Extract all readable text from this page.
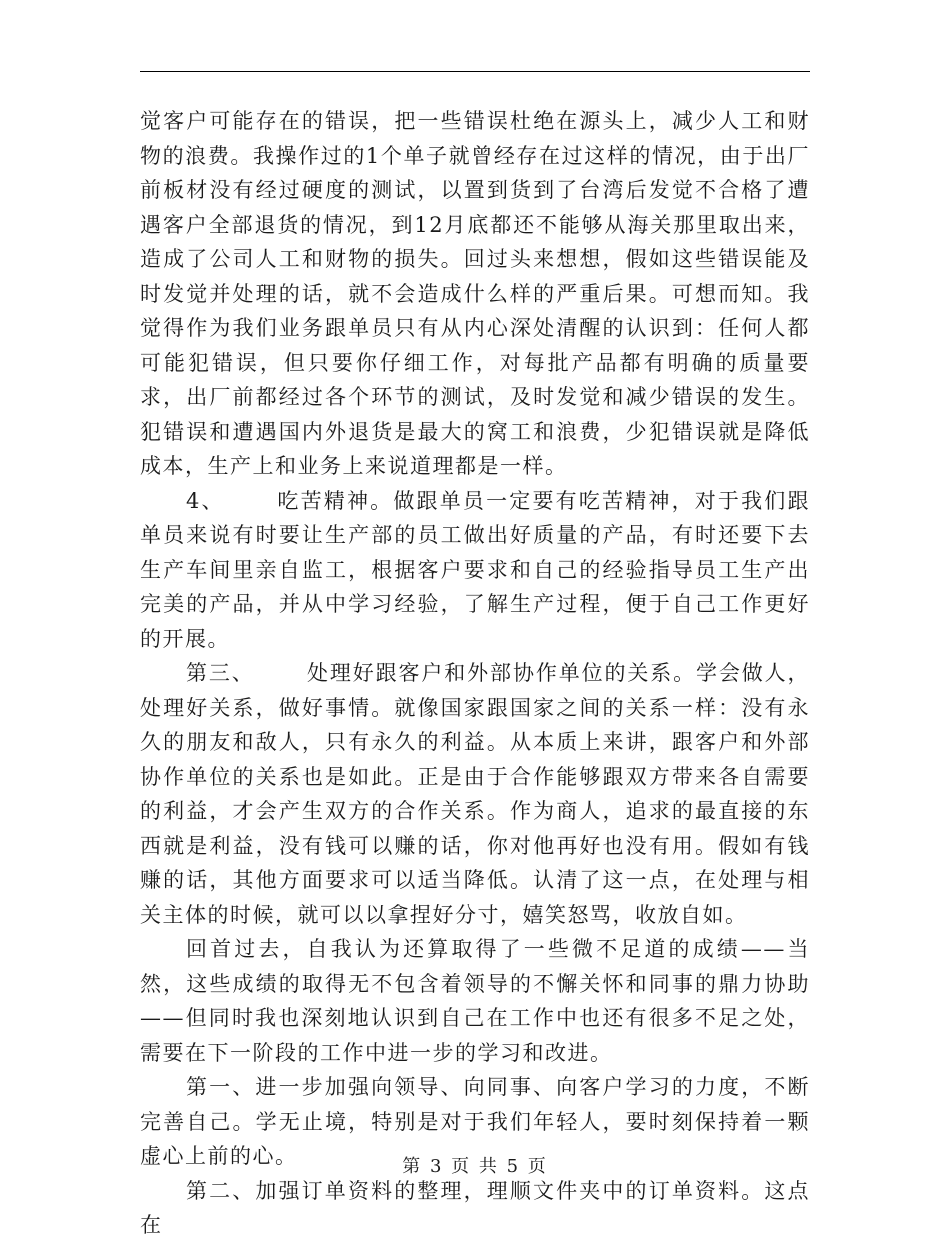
觉客户可能存在的错误，把一些错误杜绝在源头上，减少人工和财物的浪费。我操作过的1个单子就曾经存在过这样的情况，由于出厂前板材没有经过硬度的测试，以置到货到了台湾后发觉不合格了遭遇客户全部退货的情况，到12月底都还不能够从海关那里取出来，造成了公司人工和财物的损失。回过头来想想，假如这些错误能及时发觉并处理的话，就不会造成什么样的严重后果。可想而知。我觉得作为我们业务跟单员只有从内心深处清醒的认识到：任何人都可能犯错误，但只要你仔细工作，对每批产品都有明确的质量要求，出厂前都经过各个环节的测试，及时发觉和减少错误的发生。犯错误和遭遇国内外退货是最大的窝工和浪费，少犯错误就是降低成本，生产上和业务上来说道理都是一样。

4、 吃苦精神。做跟单员一定要有吃苦精神，对于我们跟单员来说有时要让生产部的员工做出好质量的产品，有时还要下去生产车间里亲自监工，根据客户要求和自己的经验指导员工生产出完美的产品，并从中学习经验，了解生产过程，便于自己工作更好的开展。

第三、 处理好跟客户和外部协作单位的关系。学会做人，处理好关系，做好事情。就像国家跟国家之间的关系一样：没有永久的朋友和敌人，只有永久的利益。从本质上来讲，跟客户和外部协作单位的关系也是如此。正是由于合作能够跟双方带来各自需要的利益，才会产生双方的合作关系。作为商人，追求的最直接的东西就是利益，没有钱可以赚的话，你对他再好也没有用。假如有钱赚的话，其他方面要求可以适当降低。认清了这一点，在处理与相关主体的时候，就可以以拿捏好分寸，嬉笑怒骂，收放自如。

回首过去，自我认为还算取得了一些微不足道的成绩——当然，这些成绩的取得无不包含着领导的不懈关怀和同事的鼎力协助——但同时我也深刻地认识到自己在工作中也还有很多不足之处，需要在下一阶段的工作中进一步的学习和改进。

第一、进一步加强向领导、向同事、向客户学习的力度，不断完善自己。学无止境，特别是对于我们年轻人，要时刻保持着一颗虚心上前的心。

第二、加强订单资料的整理，理顺文件夹中的订单资料。这点在

第 3 页 共 5 页
